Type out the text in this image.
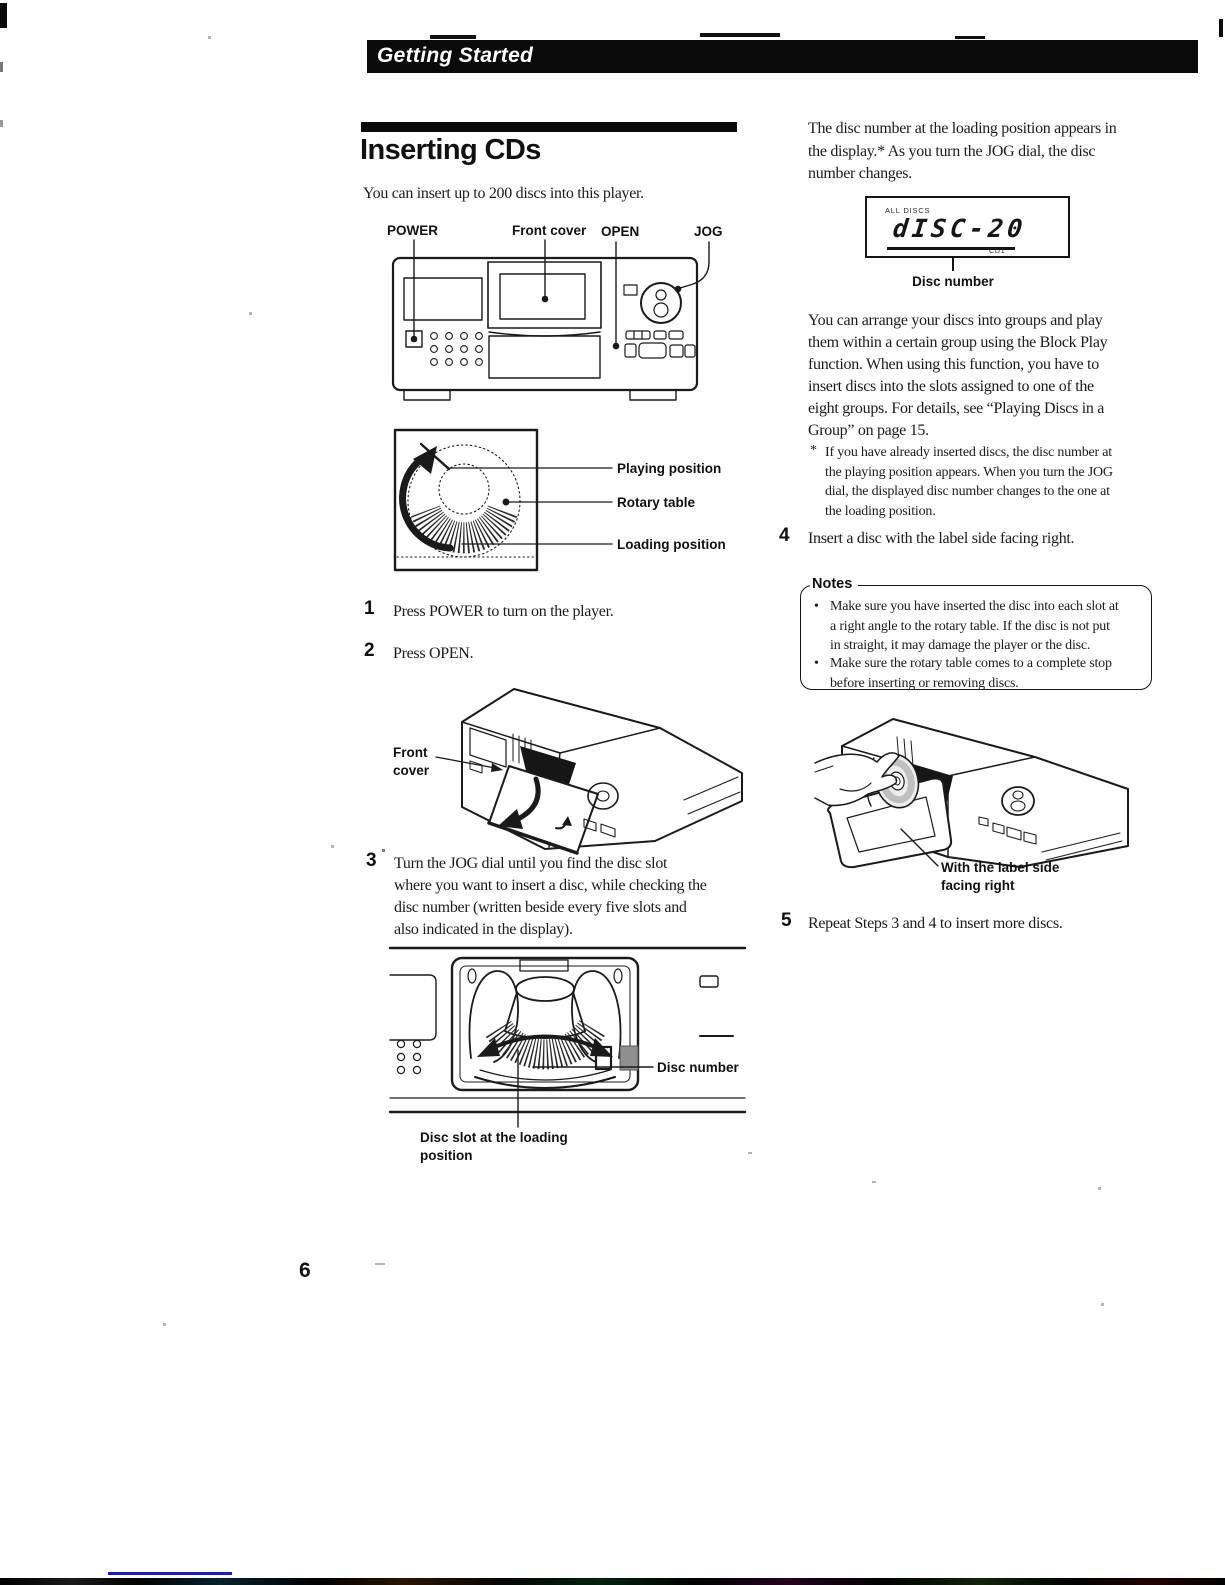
Getting Started
Inserting CDs
You can insert up to 200 discs into this player.
POWER	Front cover OPEN	JOG
Playing position
Rotary table
Loading position
1 Press POWER to turn on the player.
2 Press OPEN.
Front
cover
3 Turn the JOG dial until you find the disc slot
where you want to insert a disc, while checking the
disc number (written beside every five slots and
also indicated in the display).
Disc number
Disc slot at the loading
position
The disc number at the loading position appears in
the display.* As you turn the JOG dial, the disc
number changes.
ALL DISCS
dISC-20
CD1
Disc number
You can arrange your discs into groups and play
them within a certain group using the Block Play
function. When using this function, you have to
insert discs into the slots assigned to one of the
eight groups. For details, see “Playing Discs in a
Group” on page 15.
* If you have already inserted discs, the disc number at
the playing position appears. When you turn the JOG
dial, the displayed disc number changes to the one at
the loading position.
4 Insert a disc with the label side facing right.
Notes
• Make sure you have inserted the disc into each slot at
a right angle to the rotary table. If the disc is not put
in straight, it may damage the player or the disc.
• Make sure the rotary table comes to a complete stop
before inserting or removing discs.
With the label side
facing right
5 Repeat Steps 3 and 4 to insert more discs.
6
